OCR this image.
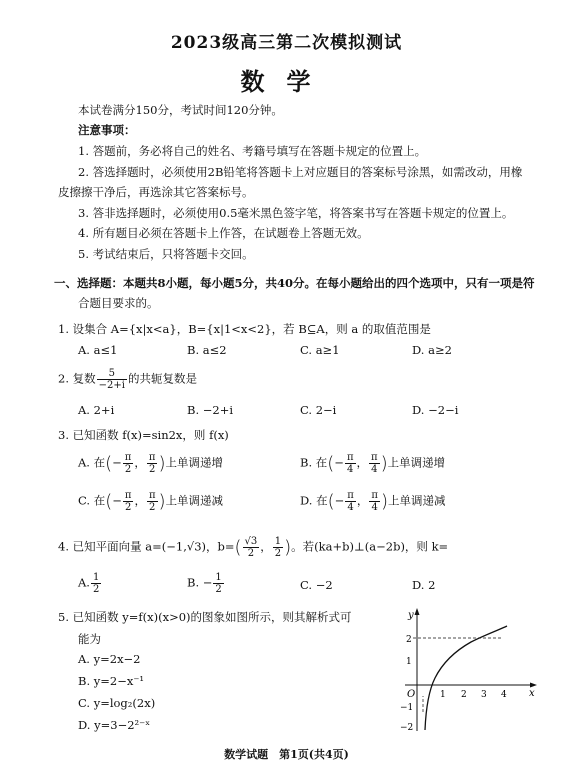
2023级高三第二次模拟测试
数学
本试卷满分150分，考试时间120分钟。
注意事项：
1. 答题前，务必将自己的姓名、考籍号填写在答题卡规定的位置上。
2. 答选择题时，必须使用2B铅笔将答题卡上对应题目的答案标号涂黑，如需改动，用橡
皮擦擦干净后，再选涂其它答案标号。
3. 答非选择题时，必须使用0.5毫米黑色签字笔，将答案书写在答题卡规定的位置上。
4. 所有题目必须在答题卡上作答，在试题卷上答题无效。
5. 考试结束后，只将答题卡交回。
一、选择题：本题共8小题，每小题5分，共40分。在每小题给出的四个选项中，只有一项是符
合题目要求的。
1. 设集合 A={x|x<a}，B={x|1<x<2}，若 B⊆A，则 a 的取值范围是
A. a≤1	B. a≤2	C. a≥1	D. a≥2
2. 复数 $\frac{5}{-2+i}$ 的共轭复数是
A. 2+i	B. −2+i	C. 2−i	D. −2−i
3. 已知函数 f(x)=sin2x，则 f(x)
A. 在(− $\frac{\pi}{2}$ ， $\frac{\pi}{2}$ )上单调递增	B. 在(− $\frac{\pi}{4}$ ， $\frac{\pi}{4}$ )上单调递增
C. 在(− $\frac{\pi}{2}$ ， $\frac{\pi}{2}$ )上单调递减	D. 在(− $\frac{\pi}{4}$ ， $\frac{\pi}{4}$ )上单调递减
4. 已知平面向量 a=(−1,√3)，$b=( \frac{√3}{2}$ ， $\frac{1}{2}$ )。若(ka+b)⊥(a−2b)，则 k=
A. $\frac{1}{2}$	B. − $\frac{1}{2}$	C. −2	D. 2
5. 已知函数 y=f(x)(x>0)的图象如图所示，则其解析式可
能为
A. y=2x−2
B. y=2−x⁻¹
C. y=log₂(2x)
D. y=3−2²⁻ˣ
y
x
O	1 2 3 4
2
1
−1
−2
数学试题　第1页(共4页)
